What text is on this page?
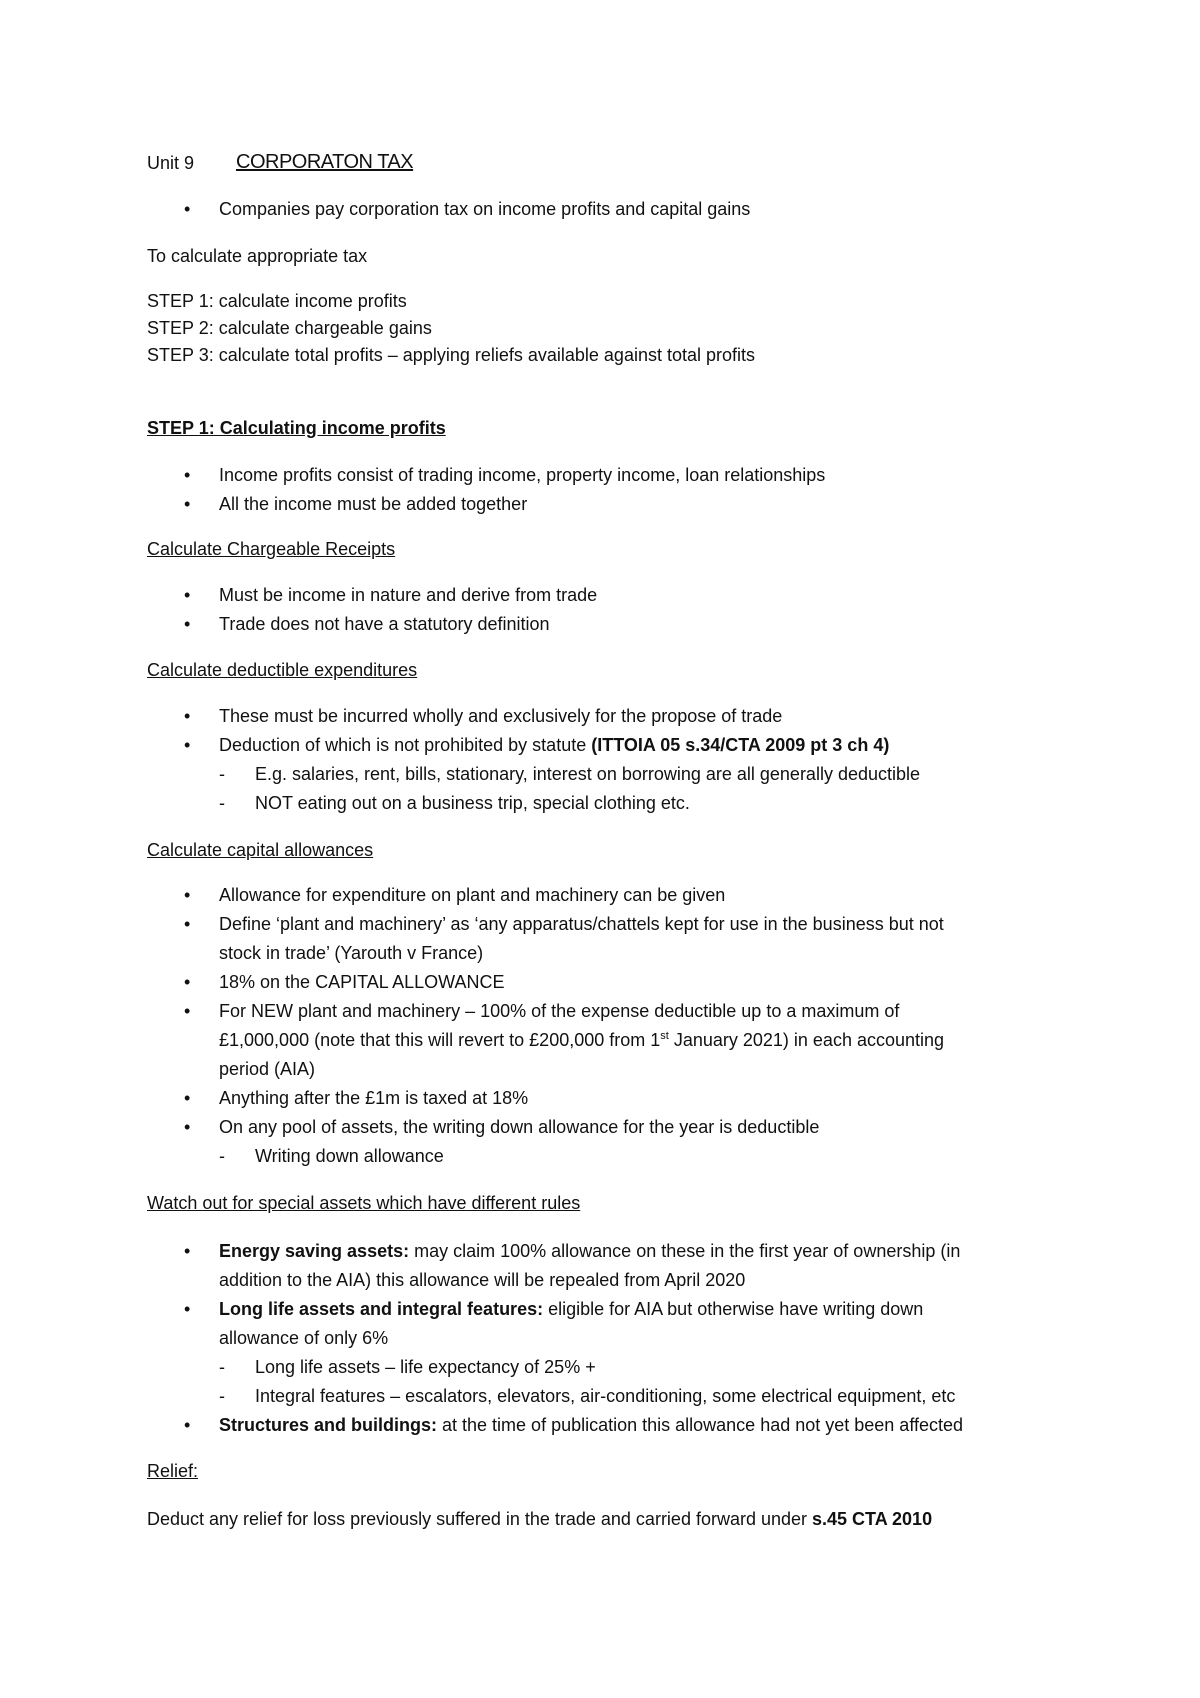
Unit 9 CORPORATON TAX
• Companies pay corporation tax on income profits and capital gains
To calculate appropriate tax
STEP 1: calculate income profits
STEP 2: calculate chargeable gains
STEP 3: calculate total profits – applying reliefs available against total profits
STEP 1: Calculating income profits
• Income profits consist of trading income, property income, loan relationships
• All the income must be added together
Calculate Chargeable Receipts
• Must be income in nature and derive from trade
• Trade does not have a statutory definition
Calculate deductible expenditures
• These must be incurred wholly and exclusively for the propose of trade
• Deduction of which is not prohibited by statute (ITTOIA 05 s.34/CTA 2009 pt 3 ch 4)
- E.g. salaries, rent, bills, stationary, interest on borrowing are all generally deductible
- NOT eating out on a business trip, special clothing etc.
Calculate capital allowances
• Allowance for expenditure on plant and machinery can be given
• Define ‘plant and machinery’ as ‘any apparatus/chattels kept for use in the business but not
stock in trade’ (Yarouth v France)
• 18% on the CAPITAL ALLOWANCE
• For NEW plant and machinery – 100% of the expense deductible up to a maximum of
£1,000,000 (note that this will revert to £200,000 from 1st January 2021) in each accounting
period (AIA)
• Anything after the £1m is taxed at 18%
• On any pool of assets, the writing down allowance for the year is deductible
- Writing down allowance
Watch out for special assets which have different rules
• Energy saving assets: may claim 100% allowance on these in the first year of ownership (in
addition to the AIA) this allowance will be repealed from April 2020
• Long life assets and integral features: eligible for AIA but otherwise have writing down
allowance of only 6%
- Long life assets – life expectancy of 25% +
- Integral features – escalators, elevators, air-conditioning, some electrical equipment, etc
• Structures and buildings: at the time of publication this allowance had not yet been affected
Relief:
Deduct any relief for loss previously suffered in the trade and carried forward under s.45 CTA 2010
